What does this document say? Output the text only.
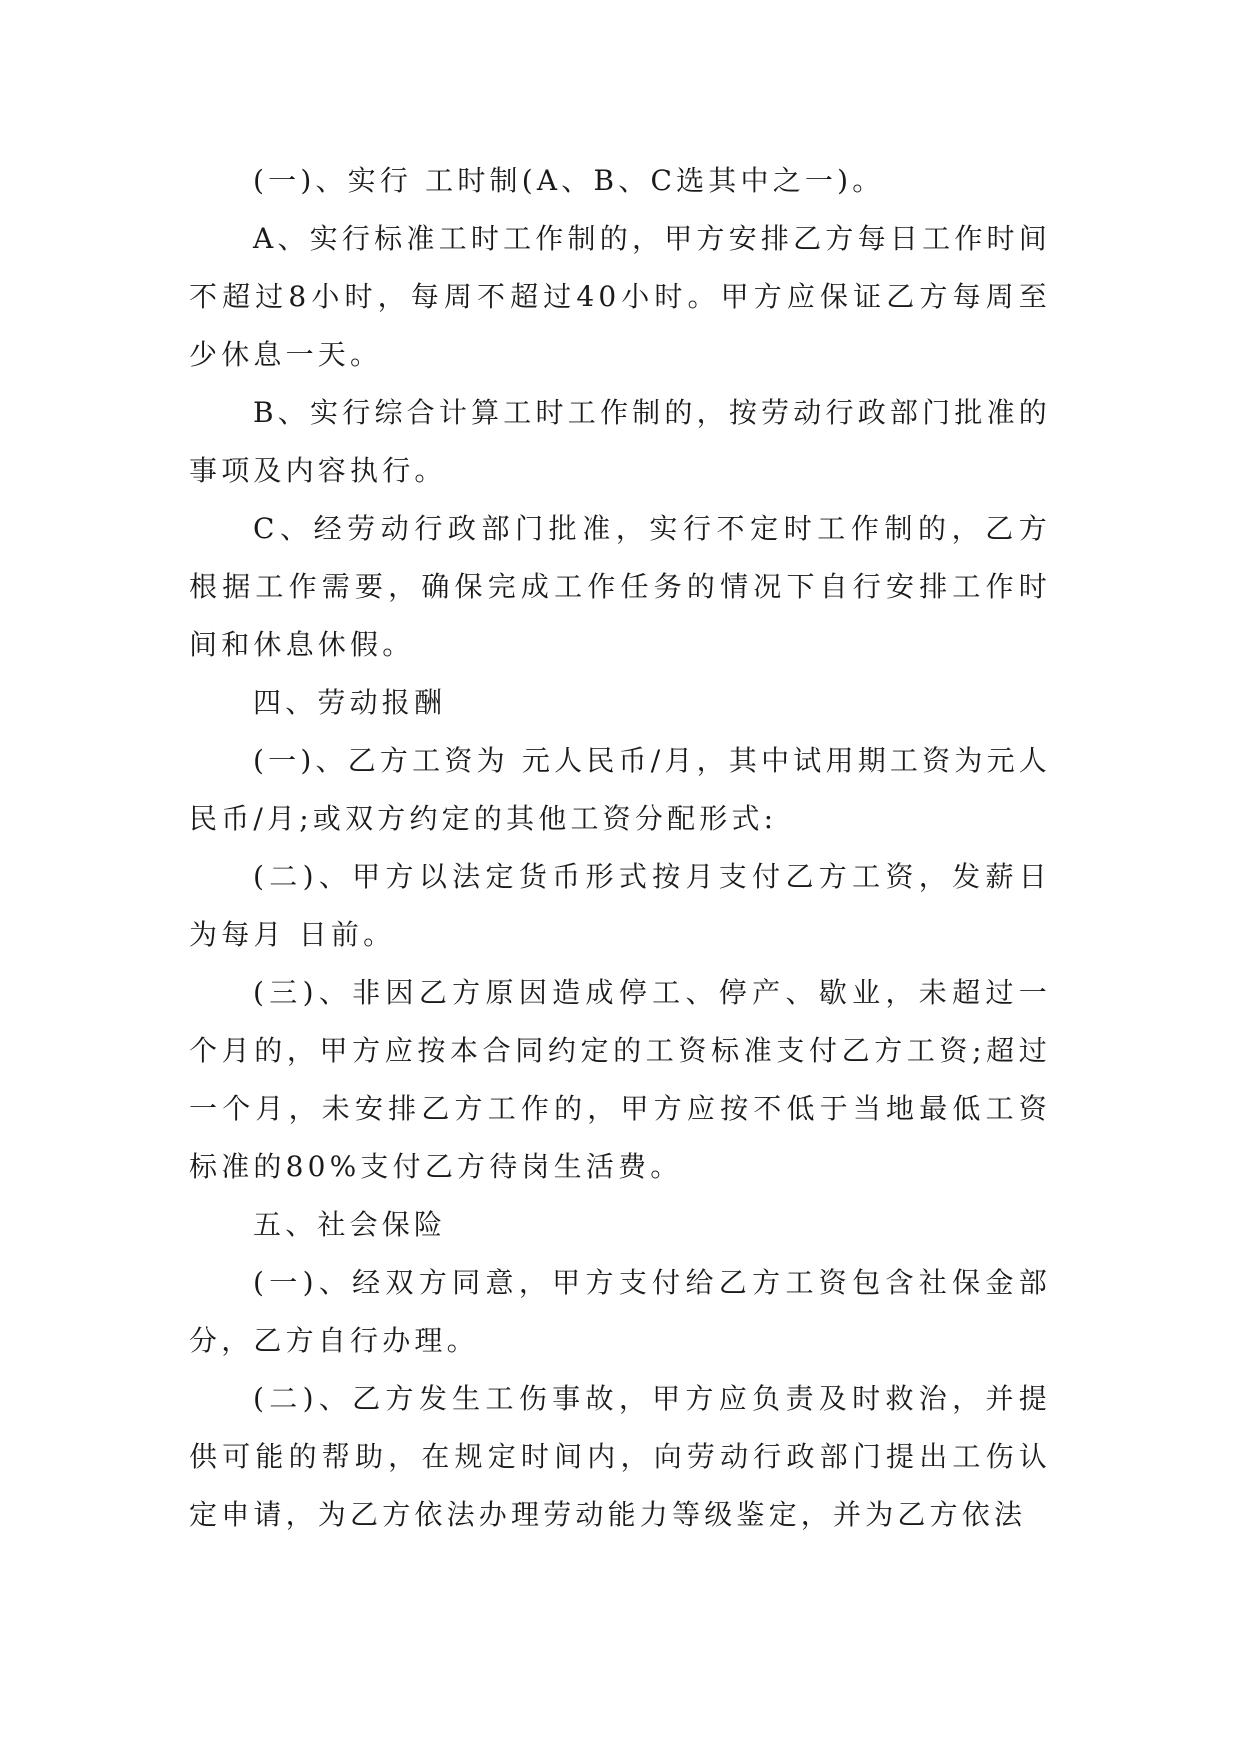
(一)、实行 工时制(A、B、C选其中之一)。

A、实行标准工时工作制的，甲方安排乙方每日工作时间不超过8小时，每周不超过40小时。甲方应保证乙方每周至少休息一天。

B、实行综合计算工时工作制的，按劳动行政部门批准的事项及内容执行。

C、经劳动行政部门批准，实行不定时工作制的，乙方根据工作需要，确保完成工作任务的情况下自行安排工作时间和休息休假。

四、劳动报酬

(一)、乙方工资为 元人民币/月，其中试用期工资为元人民币/月;或双方约定的其他工资分配形式:

(二)、甲方以法定货币形式按月支付乙方工资，发薪日为每月 日前。

(三)、非因乙方原因造成停工、停产、歇业，未超过一个月的，甲方应按本合同约定的工资标准支付乙方工资;超过一个月，未安排乙方工作的，甲方应按不低于当地最低工资标准的80%支付乙方待岗生活费。

五、社会保险

(一)、经双方同意，甲方支付给乙方工资包含社保金部分，乙方自行办理。

(二)、乙方发生工伤事故，甲方应负责及时救治，并提供可能的帮助，在规定时间内，向劳动行政部门提出工伤认定申请，为乙方依法办理劳动能力等级鉴定，并为乙方依法
